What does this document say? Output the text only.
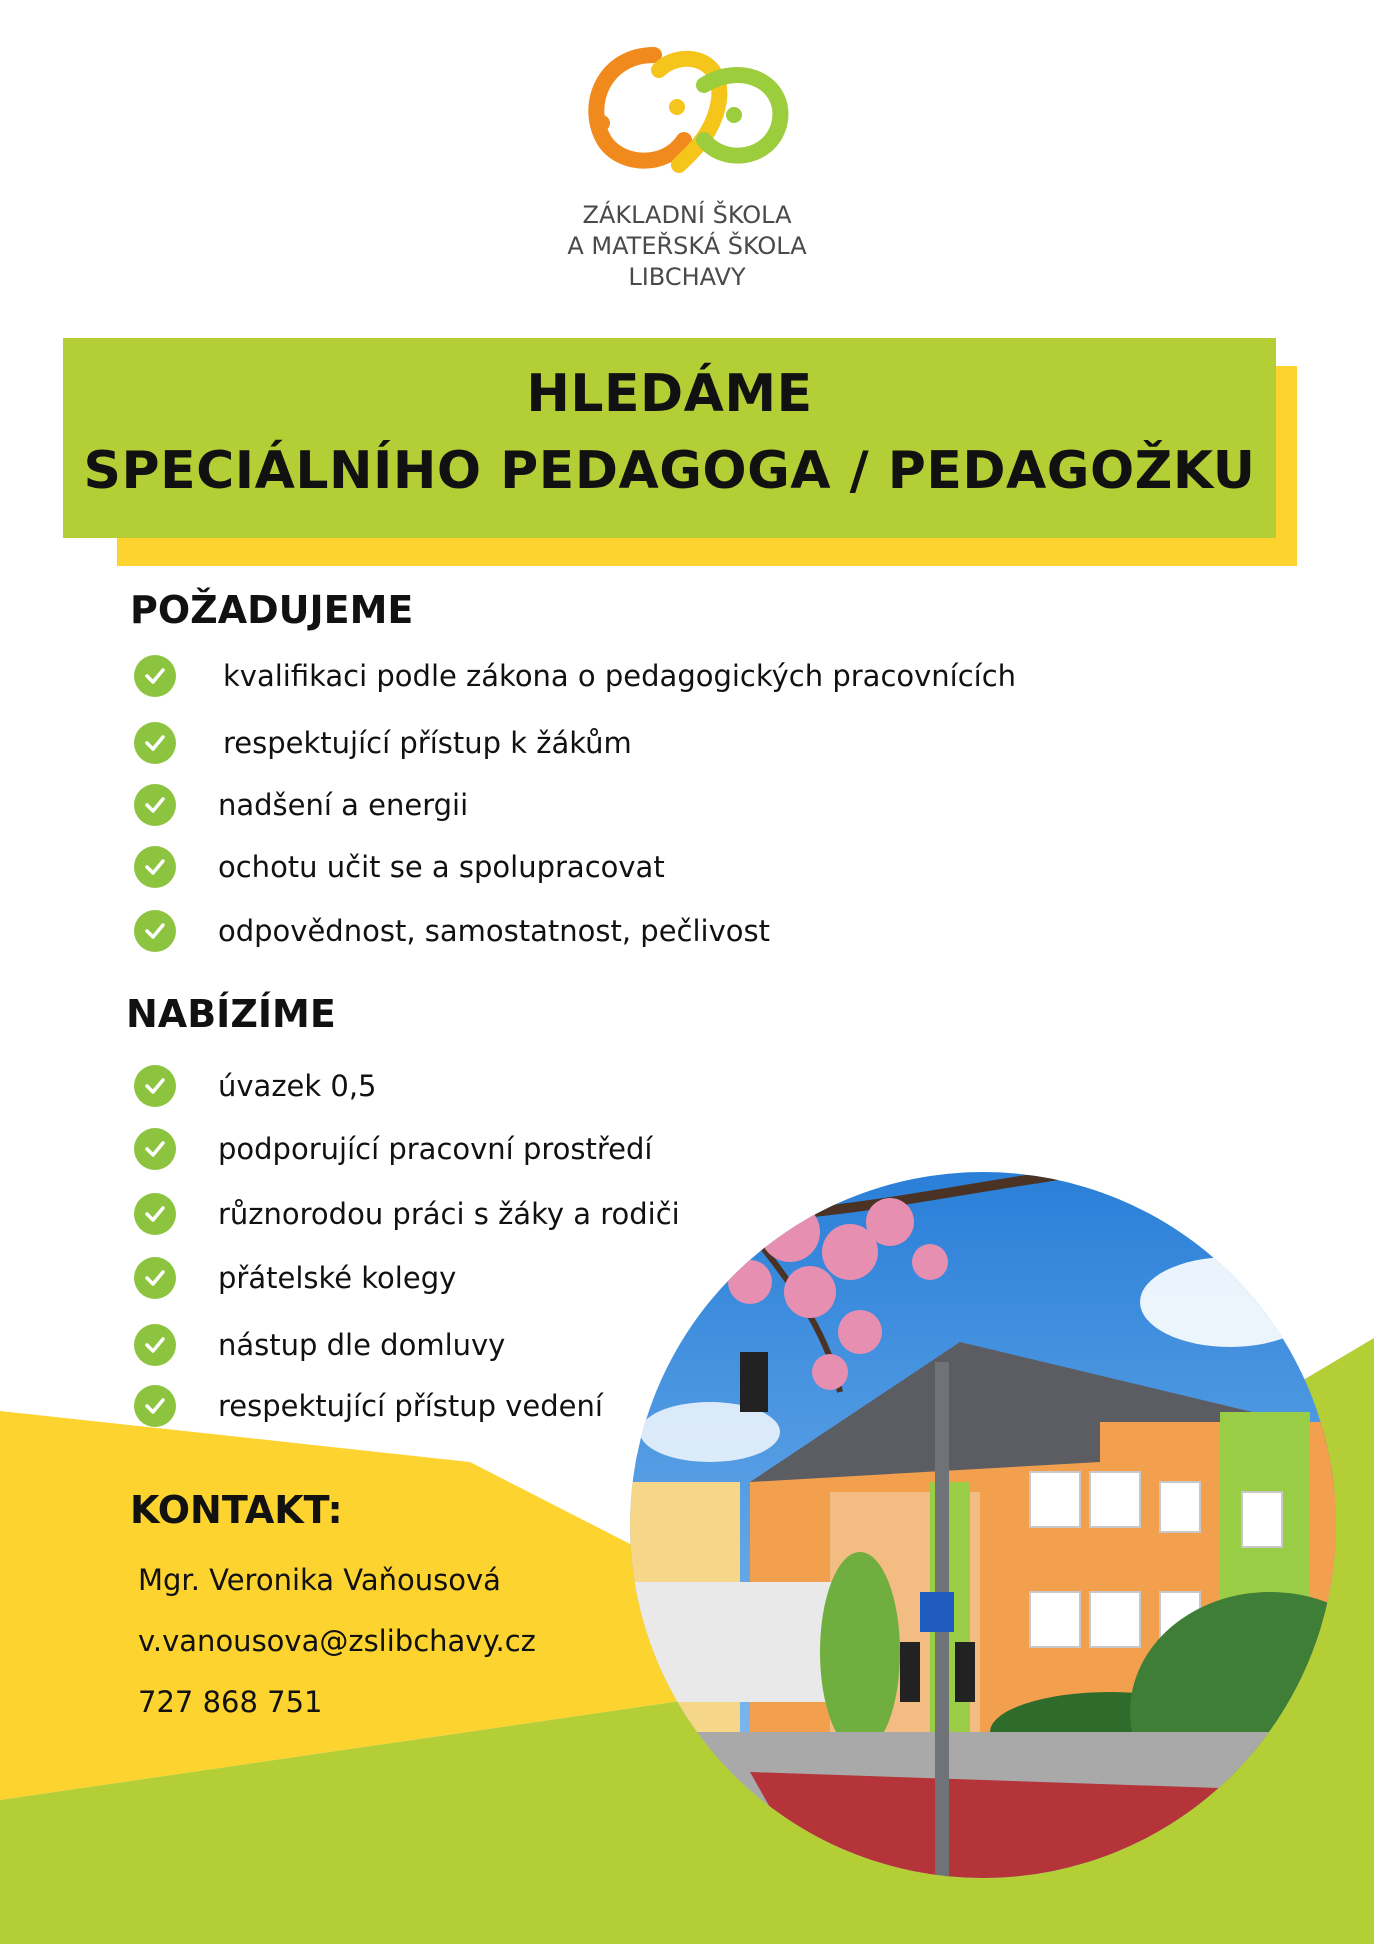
ZÁKLADNÍ ŠKOLA
A MATEŘSKÁ ŠKOLA
LIBCHAVY
HLEDÁME
SPECIÁLNÍHO PEDAGOGA / PEDAGOŽKU
POŽADUJEME
kvalifikaci podle zákona o pedagogických pracovnících
respektující přístup k žákům
nadšení a energii
ochotu učit se a spolupracovat
odpovědnost, samostatnost, pečlivost
NABÍZÍME
úvazek 0,5
podporující pracovní prostředí
různorodou práci s žáky a rodiči
přátelské kolegy
nástup dle domluvy
respektující přístup vedení
KONTAKT:
Mgr. Veronika Vaňousová
v.vanousova@zslibchavy.cz
727 868 751
